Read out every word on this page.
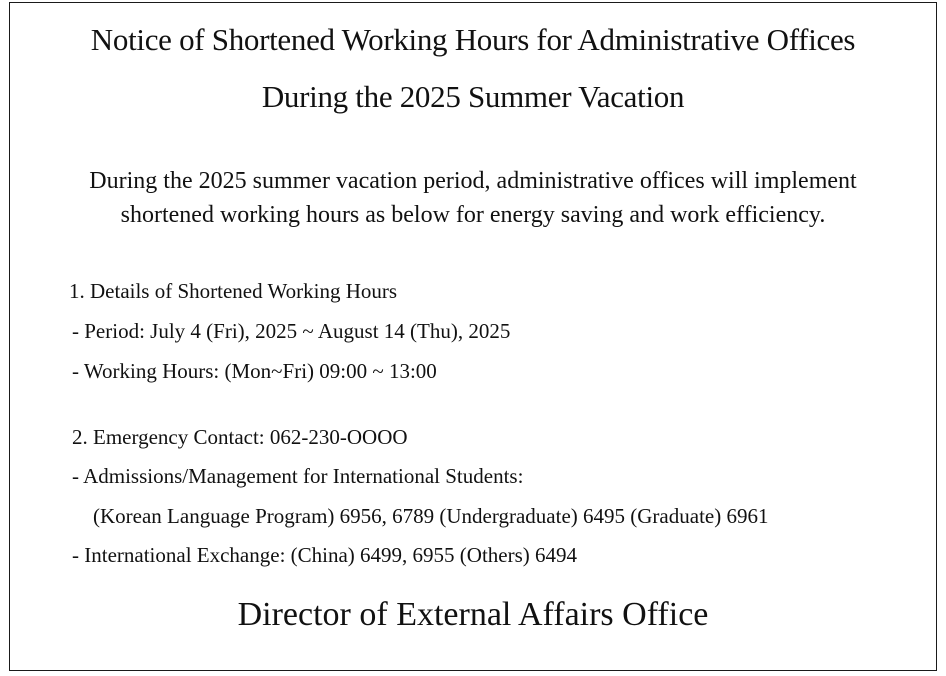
Notice of Shortened Working Hours for Administrative Offices
During the 2025 Summer Vacation
During the 2025 summer vacation period, administrative offices will implement
shortened working hours as below for energy saving and work efficiency.
1. Details of Shortened Working Hours
- Period: July 4 (Fri), 2025 ~ August 14 (Thu), 2025
- Working Hours: (Mon~Fri) 09:00 ~ 13:00
2. Emergency Contact: 062-230-OOOO
- Admissions/Management for International Students:
(Korean Language Program) 6956, 6789 (Undergraduate) 6495 (Graduate) 6961
- International Exchange: (China) 6499, 6955 (Others) 6494
Director of External Affairs Office
